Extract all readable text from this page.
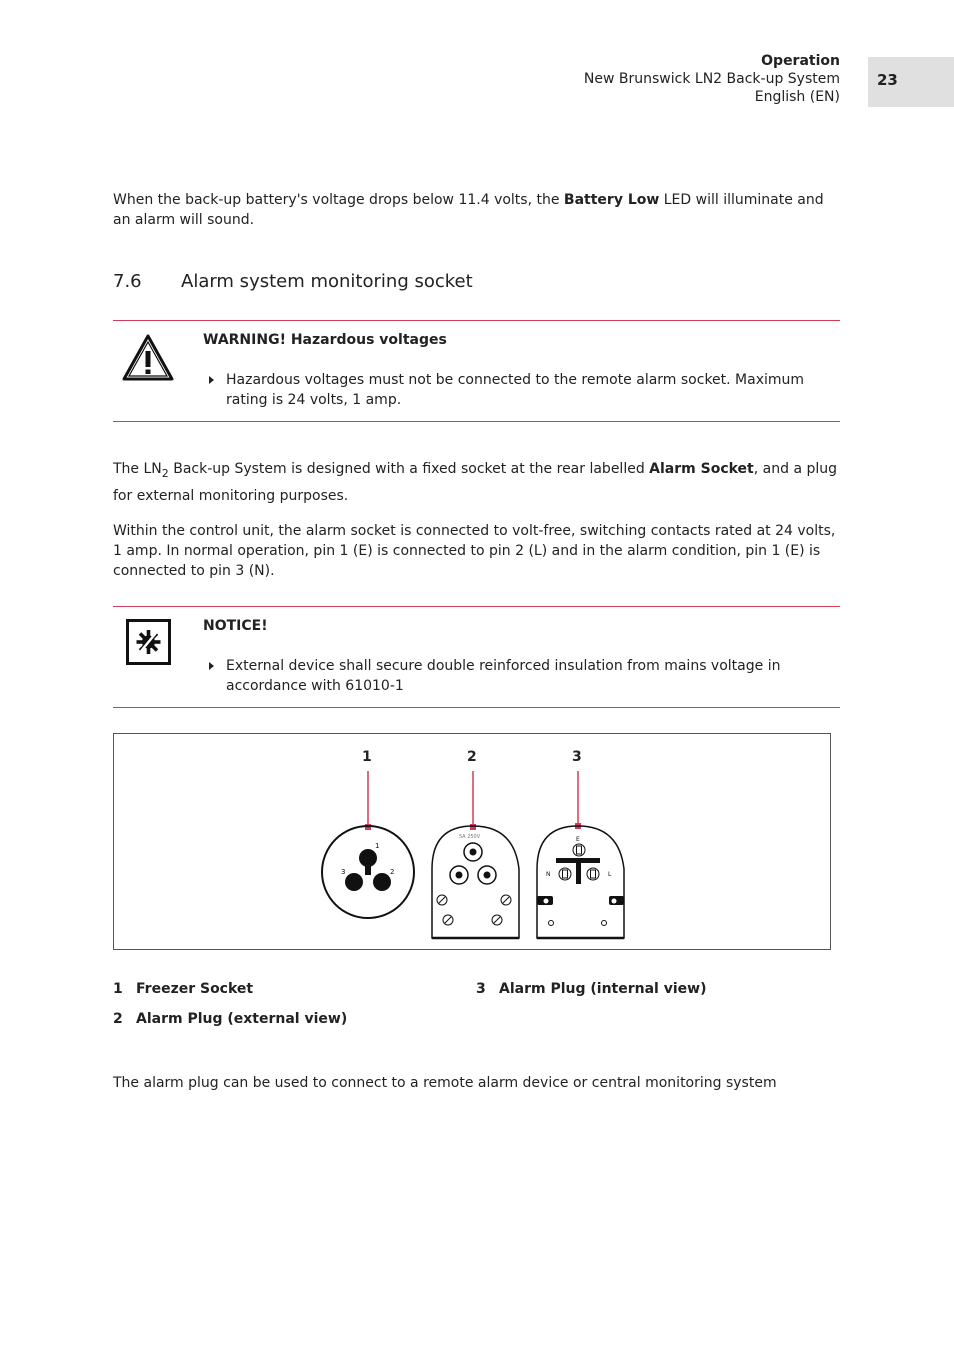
Operation
New Brunswick LN2 Back-up System
English (EN)
23

When the back-up battery's voltage drops below 11.4 volts, the Battery Low LED will illuminate and an alarm will sound.

7.6 Alarm system monitoring socket
WARNING! Hazardous voltages
Hazardous voltages must not be connected to the remote alarm socket. Maximum rating is 24 volts, 1 amp.

The $LN_2$ Back-up System is designed with a fixed socket at the rear labelled Alarm Socket, and a plug for external monitoring purposes.

Within the control unit, the alarm socket is connected to volt-free, switching contacts rated at 24 volts, 1 amp. In normal operation, pin 1 (E) is connected to pin 2 (L) and in the alarm condition, pin 1 (E) is connected to pin 3 (N).

NOTICE!
External device shall secure double reinforced insulation from mains voltage in accordance with 61010-1
1	2	3
1
3	2
5A 250V	E
N	L
1 Freezer Socket
2 Alarm Plug (external view)
3 Alarm Plug (internal view)

The alarm plug can be used to connect to a remote alarm device or central monitoring system
